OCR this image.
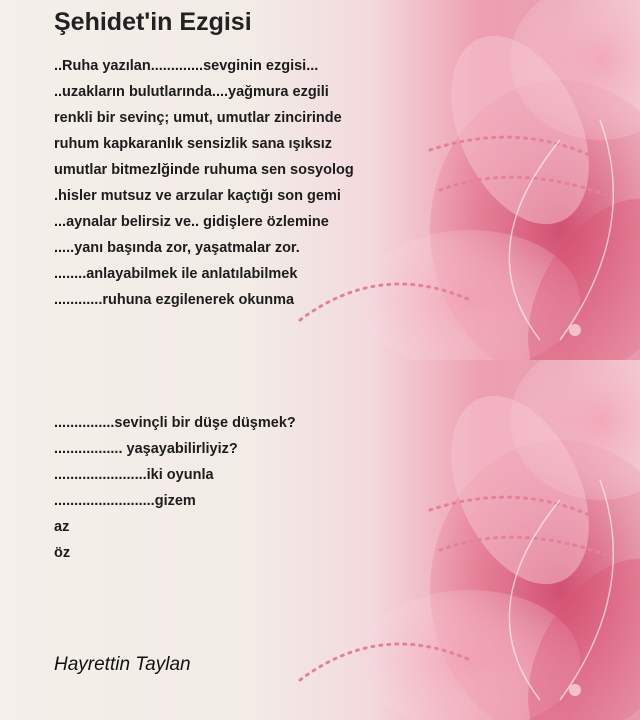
Şehidet'in Ezgisi
..Ruha yazılan.............sevginin ezgisi...
..uzakların bulutlarında....yağmura ezgili
renkli bir sevinç; umut, umutlar zincirinde
ruhum kapkaranlık sensizlik sana ışıksız
umutlar bitmezlğinde ruhuma sen sosyolog
.hisler mutsuz ve arzular kaçtığı son gemi
...aynalar belirsiz ve.. gidişlere özlemine
.....yanı başında zor, yaşatmalar zor.
........anlayabilmek ile anlatılabilmek
............ruhuna ezgilenerek okunma
...............sevinçli bir düşe düşmek?
................. yaşayabilirliyiz?
.......................iki oyunla
.........................gizem
az
öz
Hayrettin Taylan
